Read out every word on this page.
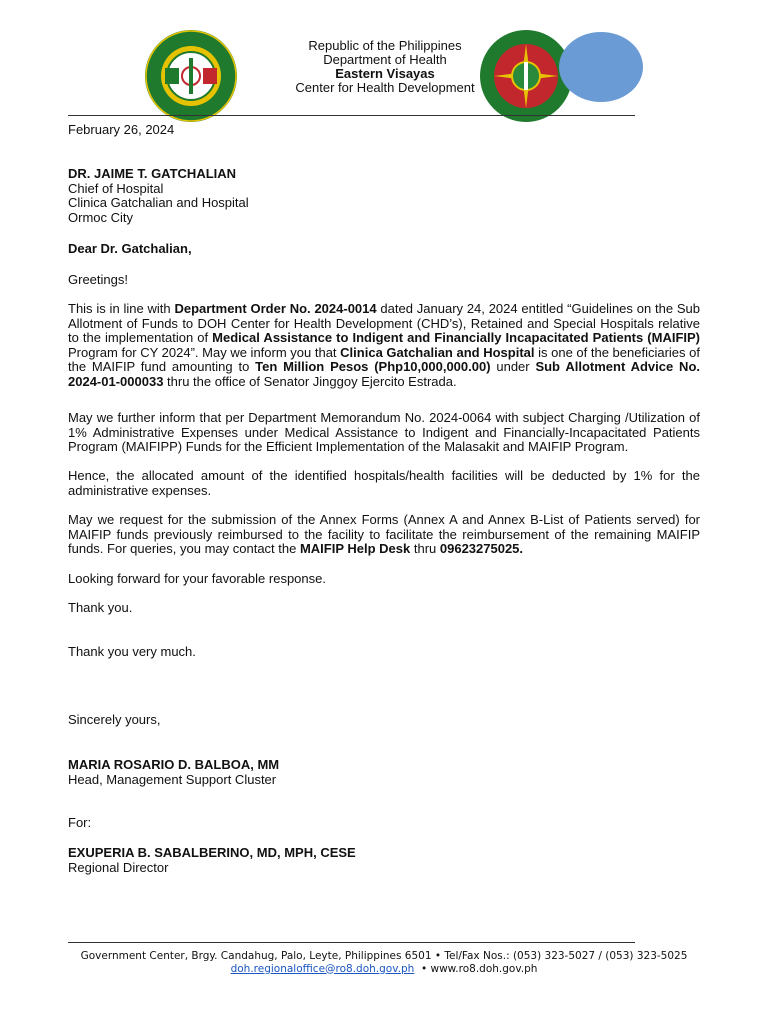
Republic of the Philippines
Department of Health
Eastern Visayas
Center for Health Development

February 26, 2024

DR. JAIME T. GATCHALIAN

Chief of Hospital

Clinica Gatchalian and Hospital

Ormoc City

Dear Dr. Gatchalian,

Greetings!

This is in line with Department Order No. 2024-0014 dated January 24, 2024 entitled “Guidelines on the Sub Allotment of Funds to DOH Center for Health Development (CHD’s), Retained and Special Hospitals relative to the implementation of Medical Assistance to Indigent and Financially Incapacitated Patients (MAIFIP) Program for CY 2024”. May we inform you that Clinica Gatchalian and Hospital is one of the beneficiaries of the MAIFIP fund amounting to Ten Million Pesos (Php10,000,000.00) under Sub Allotment Advice No. 2024-01-000033 thru the office of Senator Jinggoy Ejercito Estrada.

May we further inform that per Department Memorandum No. 2024-0064 with subject Charging /Utilization of 1% Administrative Expenses under Medical Assistance to Indigent and Financially-Incapacitated Patients Program (MAIFIPP) Funds for the Efficient Implementation of the Malasakit and MAIFIP Program.

Hence, the allocated amount of the identified hospitals/health facilities will be deducted by 1% for the administrative expenses.

May we request for the submission of the Annex Forms (Annex A and Annex B-List of Patients served) for MAIFIP funds previously reimbursed to the facility to facilitate the reimbursement of the remaining MAIFIP funds. For queries, you may contact the MAIFIP Help Desk thru 09623275025.

Looking forward for your favorable response.

Thank you.

Thank you very much.

Sincerely yours,

MARIA ROSARIO D. BALBOA, MM

Head, Management Support Cluster

For:

EXUPERIA B. SABALBERINO, MD, MPH, CESE

Regional Director

Government Center, Brgy. Candahug, Palo, Leyte, Philippines 6501 • Tel/Fax Nos.: (053) 323-5027 / (053) 323-5025
doh.regionaloffice@ro8.doh.gov.ph  • www.ro8.doh.gov.ph
